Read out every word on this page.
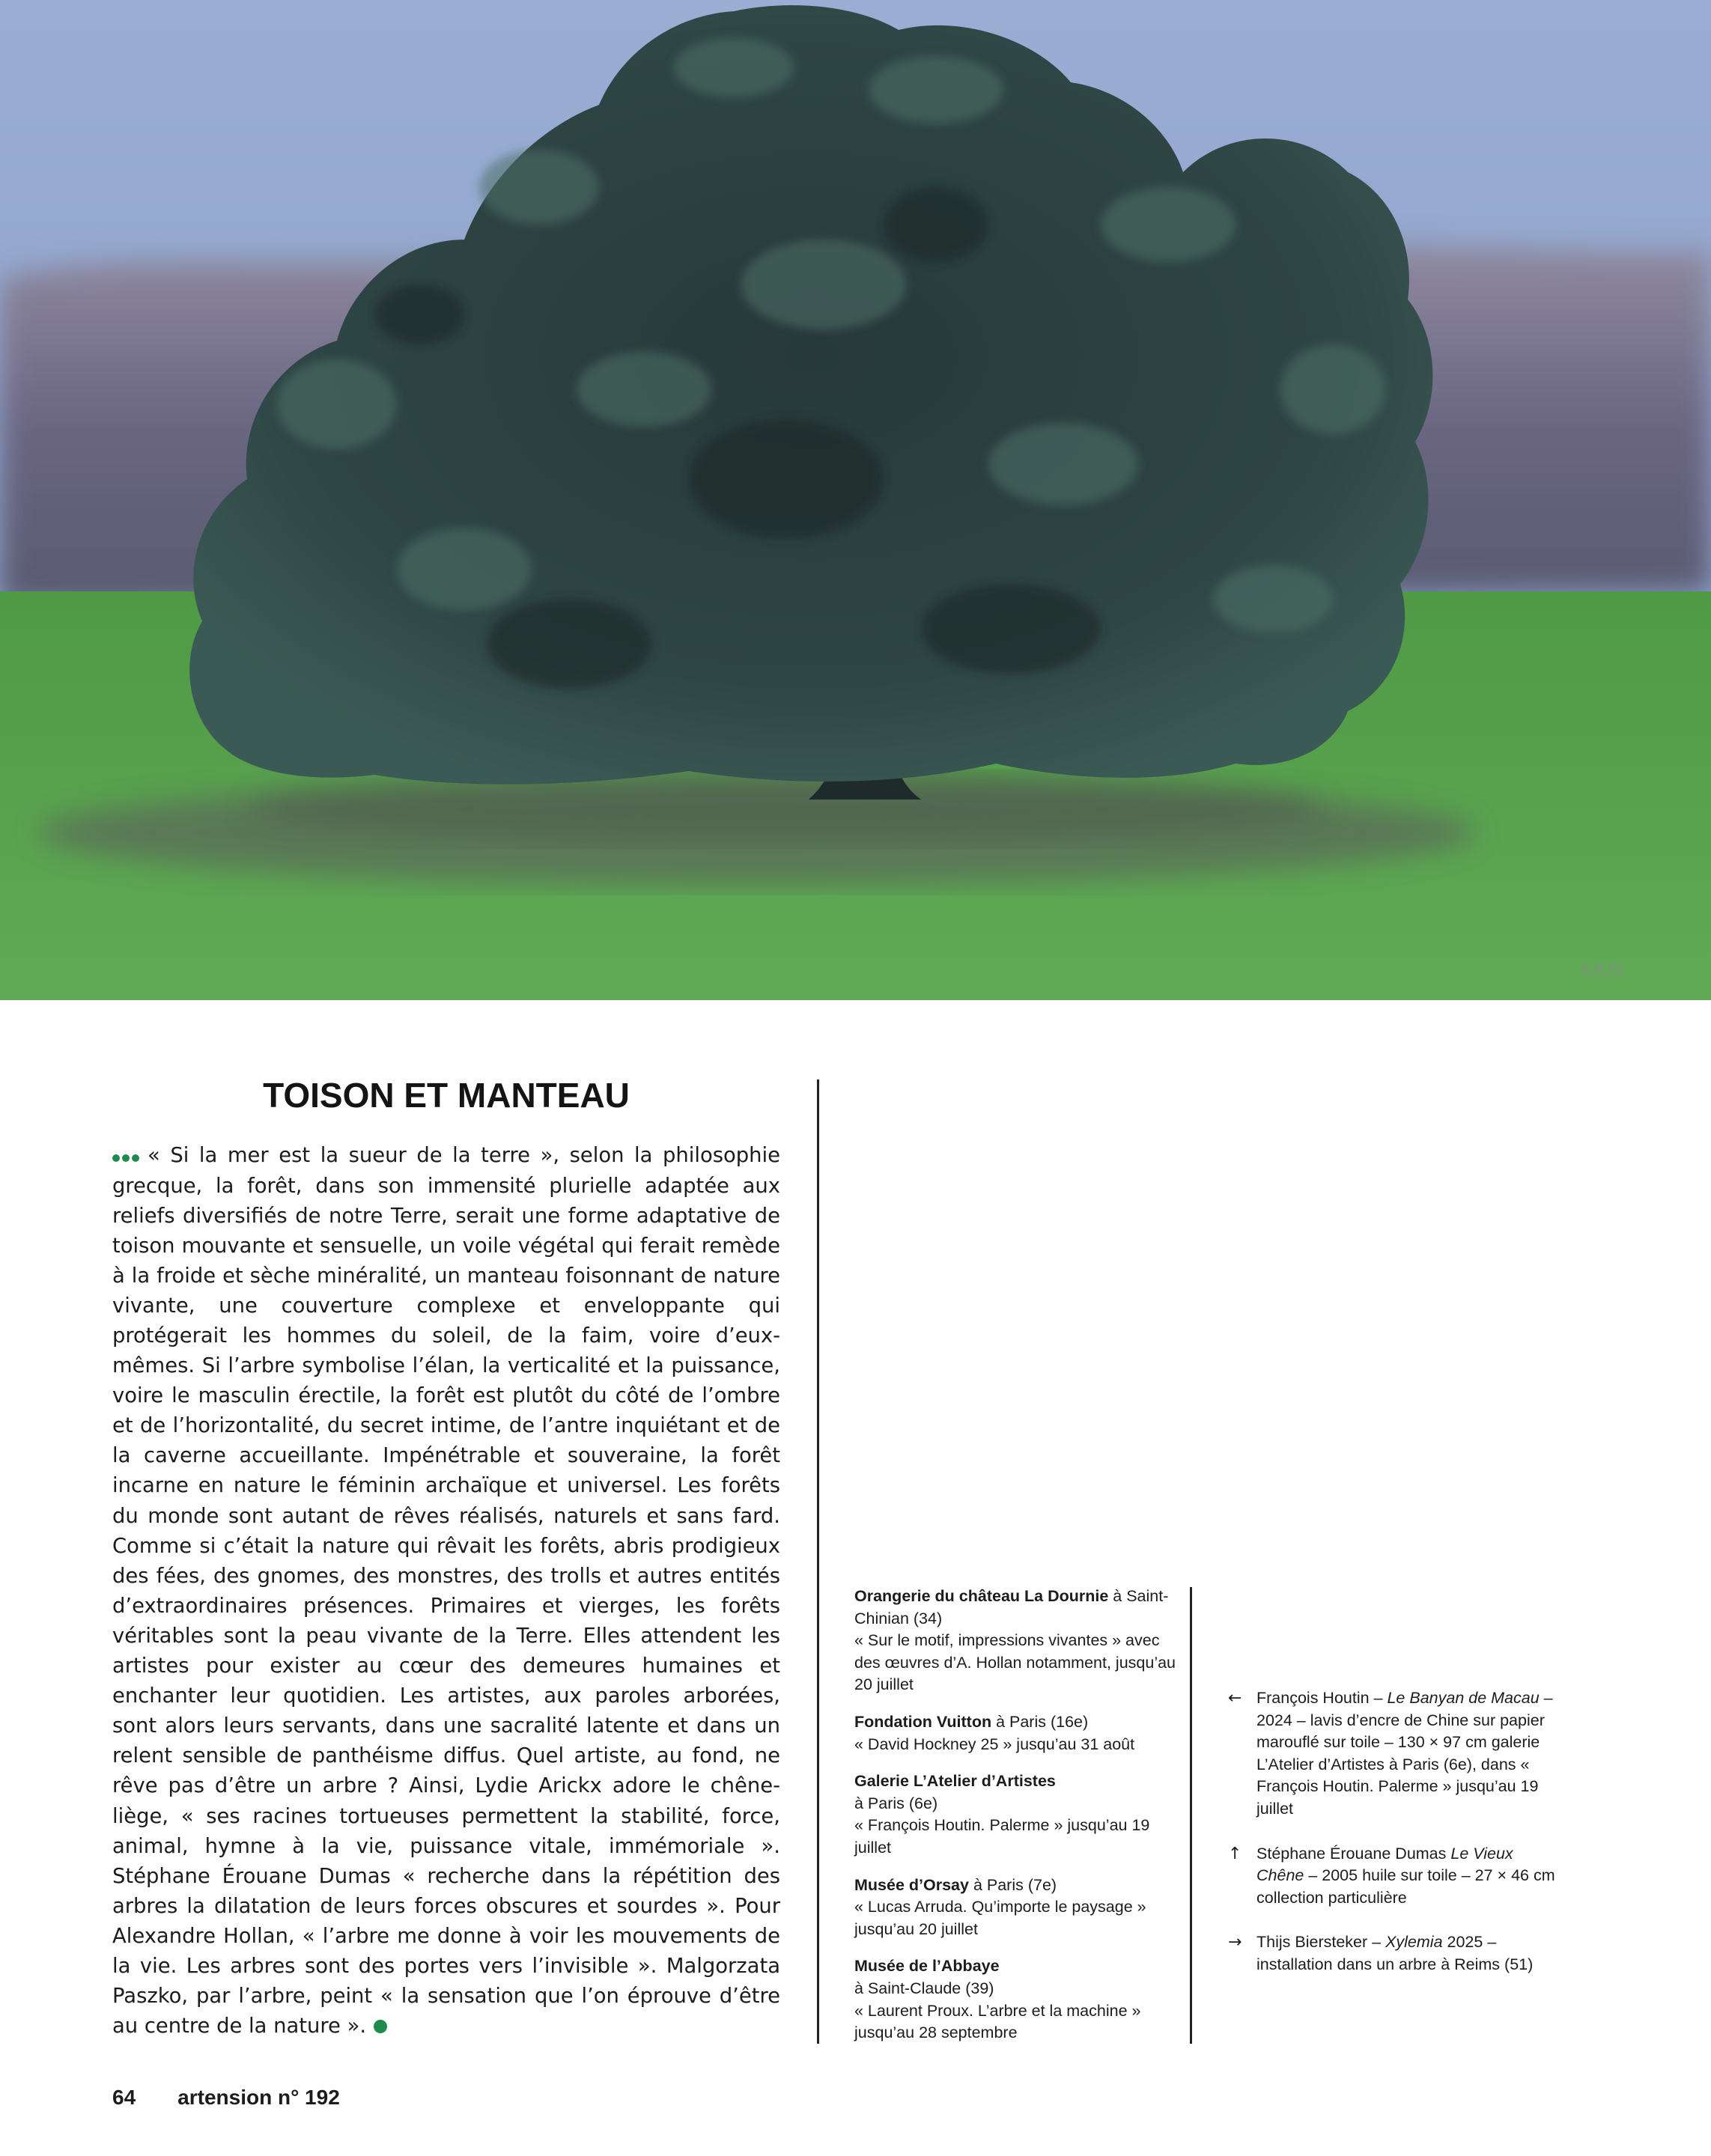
S.É.D.
TOISON ET MANTEAU

« Si la mer est la sueur de la terre », selon la philosophie grecque, la forêt, dans son immensité plurielle adaptée aux reliefs diversifiés de notre Terre, serait une forme adaptative de toison mouvante et sensuelle, un voile végétal qui ferait remède à la froide et sèche minéralité, un manteau foisonnant de nature vivante, une couverture complexe et enveloppante qui protégerait les hommes du soleil, de la faim, voire d’eux-mêmes. Si l’arbre symbolise l’élan, la verticalité et la puissance, voire le masculin érectile, la forêt est plutôt du côté de l’ombre et de l’horizontalité, du secret intime, de l’antre inquiétant et de la caverne accueillante. Impénétrable et souveraine, la forêt incarne en nature le féminin archaïque et universel. Les forêts du monde sont autant de rêves réalisés, naturels et sans fard. Comme si c’était la nature qui rêvait les forêts, abris prodigieux des fées, des gnomes, des monstres, des trolls et autres entités d’extraordinaires présences. Primaires et vierges, les forêts véritables sont la peau vivante de la Terre. Elles attendent les artistes pour exister au cœur des demeures humaines et enchanter leur quotidien. Les artistes, aux paroles arborées, sont alors leurs servants, dans une sacralité latente et dans un relent sensible de panthéisme diffus. Quel artiste, au fond, ne rêve pas d’être un arbre ? Ainsi, Lydie Arickx adore le chêne-liège, « ses racines tortueuses permettent la stabilité, force, animal, hymne à la vie, puissance vitale, immémoriale ». Stéphane Érouane Dumas « recherche dans la répétition des arbres la dilatation de leurs forces obscures et sourdes ». Pour Alexandre Hollan, « l’arbre me donne à voir les mouvements de la vie. Les arbres sont des portes vers l’invisible ». Malgorzata Paszko, par l’arbre, peint « la sensation que l’on éprouve d’être au centre de la nature ».

Orangerie du château La Dournie à Saint-Chinian (34)
« Sur le motif, impressions vivantes » avec des œuvres d’A. Hollan notamment, jusqu’au 20 juillet
Fondation Vuitton à Paris (16e)
« David Hockney 25 » jusqu’au 31 août
Galerie L’Atelier d’Artistes
à Paris (6e)
« François Houtin. Palerme » jusqu’au 19 juillet
Musée d’Orsay à Paris (7e)
« Lucas Arruda. Qu’importe le paysage » jusqu’au 20 juillet
Musée de l’Abbaye
à Saint-Claude (39)
« Laurent Proux. L’arbre et la machine » jusqu’au 28 septembre
← François Houtin – Le Banyan de Macau – 2024 – lavis d’encre de Chine sur papier marouflé sur toile – 130 × 97 cm galerie L’Atelier d’Artistes à Paris (6e), dans « François Houtin. Palerme » jusqu’au 19 juillet
↑ Stéphane Érouane Dumas Le Vieux Chêne – 2005 huile sur toile – 27 × 46 cm collection particulière
→ Thijs Biersteker – Xylemia 2025 – installation dans un arbre à Reims (51)
64 artension n° 192
